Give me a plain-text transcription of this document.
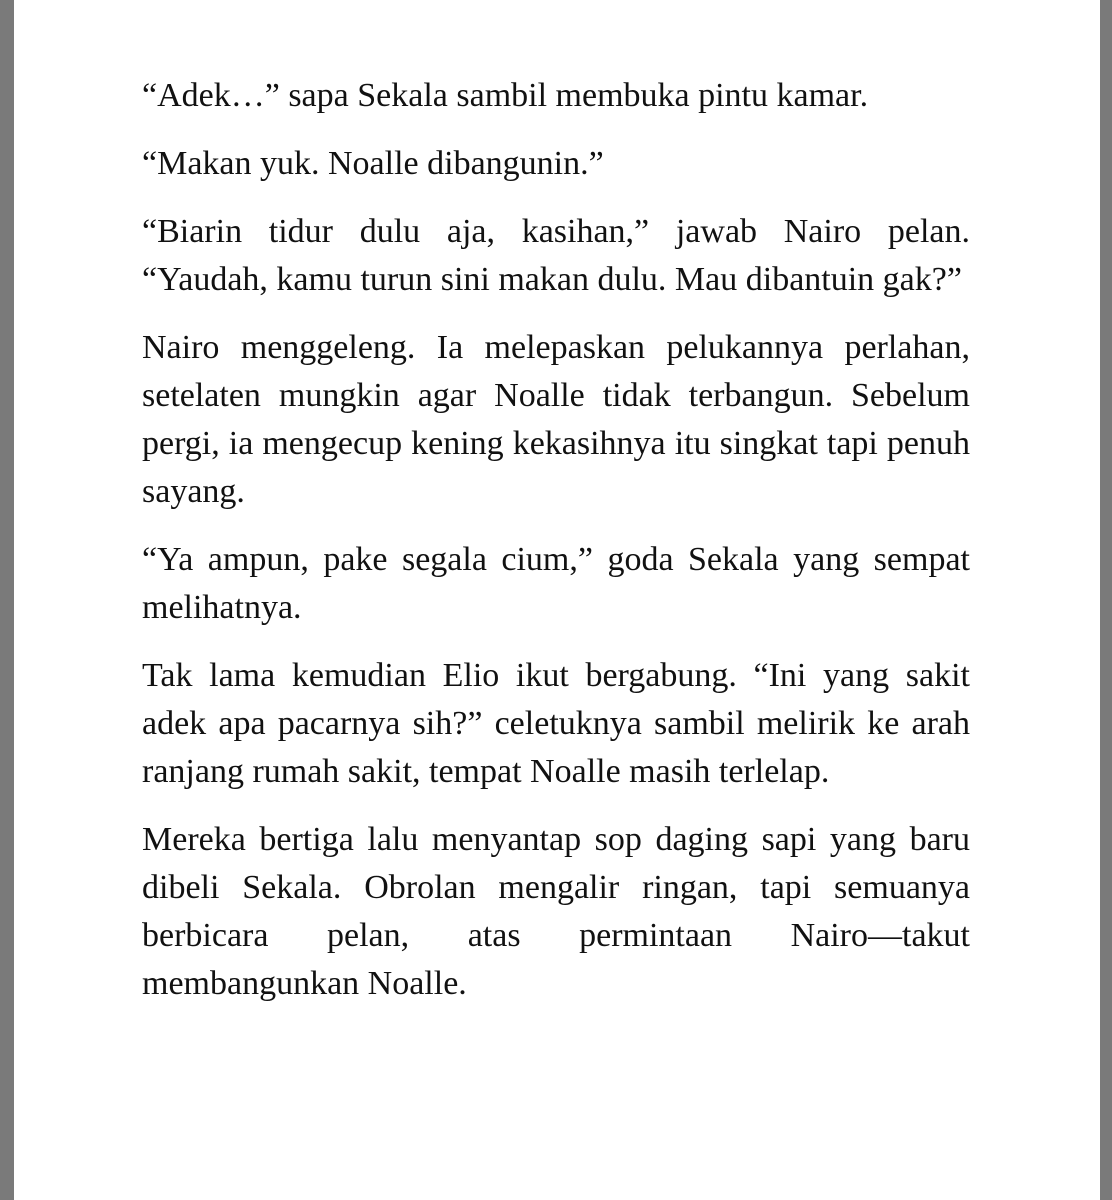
“Adek…” sapa Sekala sambil membuka pintu kamar.

“Makan yuk. Noalle dibangunin.”

“Biarin tidur dulu aja, kasihan,” jawab Nairo pelan. “Yaudah, kamu turun sini makan dulu. Mau dibantuin gak?”

Nairo menggeleng. Ia melepaskan pelukannya perlahan, setelaten mungkin agar Noalle tidak terbangun. Sebelum pergi, ia mengecup kening kekasihnya itu singkat tapi penuh sayang.

“Ya ampun, pake segala cium,” goda Sekala yang sempat melihatnya.

Tak lama kemudian Elio ikut bergabung. “Ini yang sakit adek apa pacarnya sih?” celetuknya sambil melirik ke arah ranjang rumah sakit, tempat Noalle masih terlelap.

Mereka bertiga lalu menyantap sop daging sapi yang baru dibeli Sekala. Obrolan mengalir ringan, tapi semuanya berbicara pelan, atas permintaan Nairo—takut membangunkan Noalle.
